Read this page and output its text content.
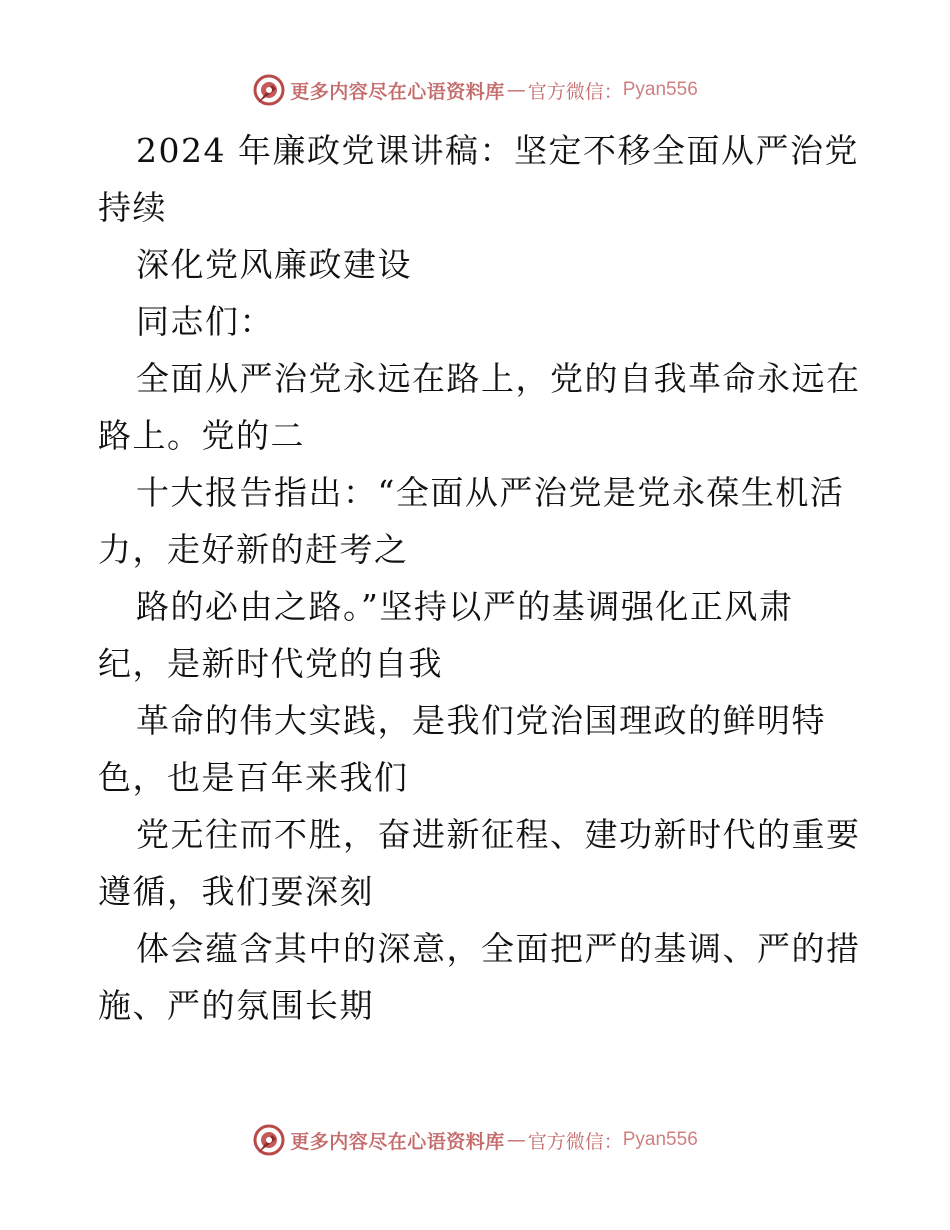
更多内容尽在心语资料库 — 官方微信： Pyan556
2024 年廉政党课讲稿：坚定不移全面从严治党
持续
深化党风廉政建设
同志们：
全面从严治党永远在路上，党的自我革命永远在
路上。党的二
十大报告指出：“全面从严治党是党永葆生机活
力，走好新的赶考之
路的必由之路。”坚持以严的基调强化正风肃
纪，是新时代党的自我
革命的伟大实践，是我们党治国理政的鲜明特
色，也是百年来我们
党无往而不胜，奋进新征程、建功新时代的重要
遵循，我们要深刻
体会蕴含其中的深意，全面把严的基调、严的措
施、严的氛围长期
更多内容尽在心语资料库 — 官方微信： Pyan556
